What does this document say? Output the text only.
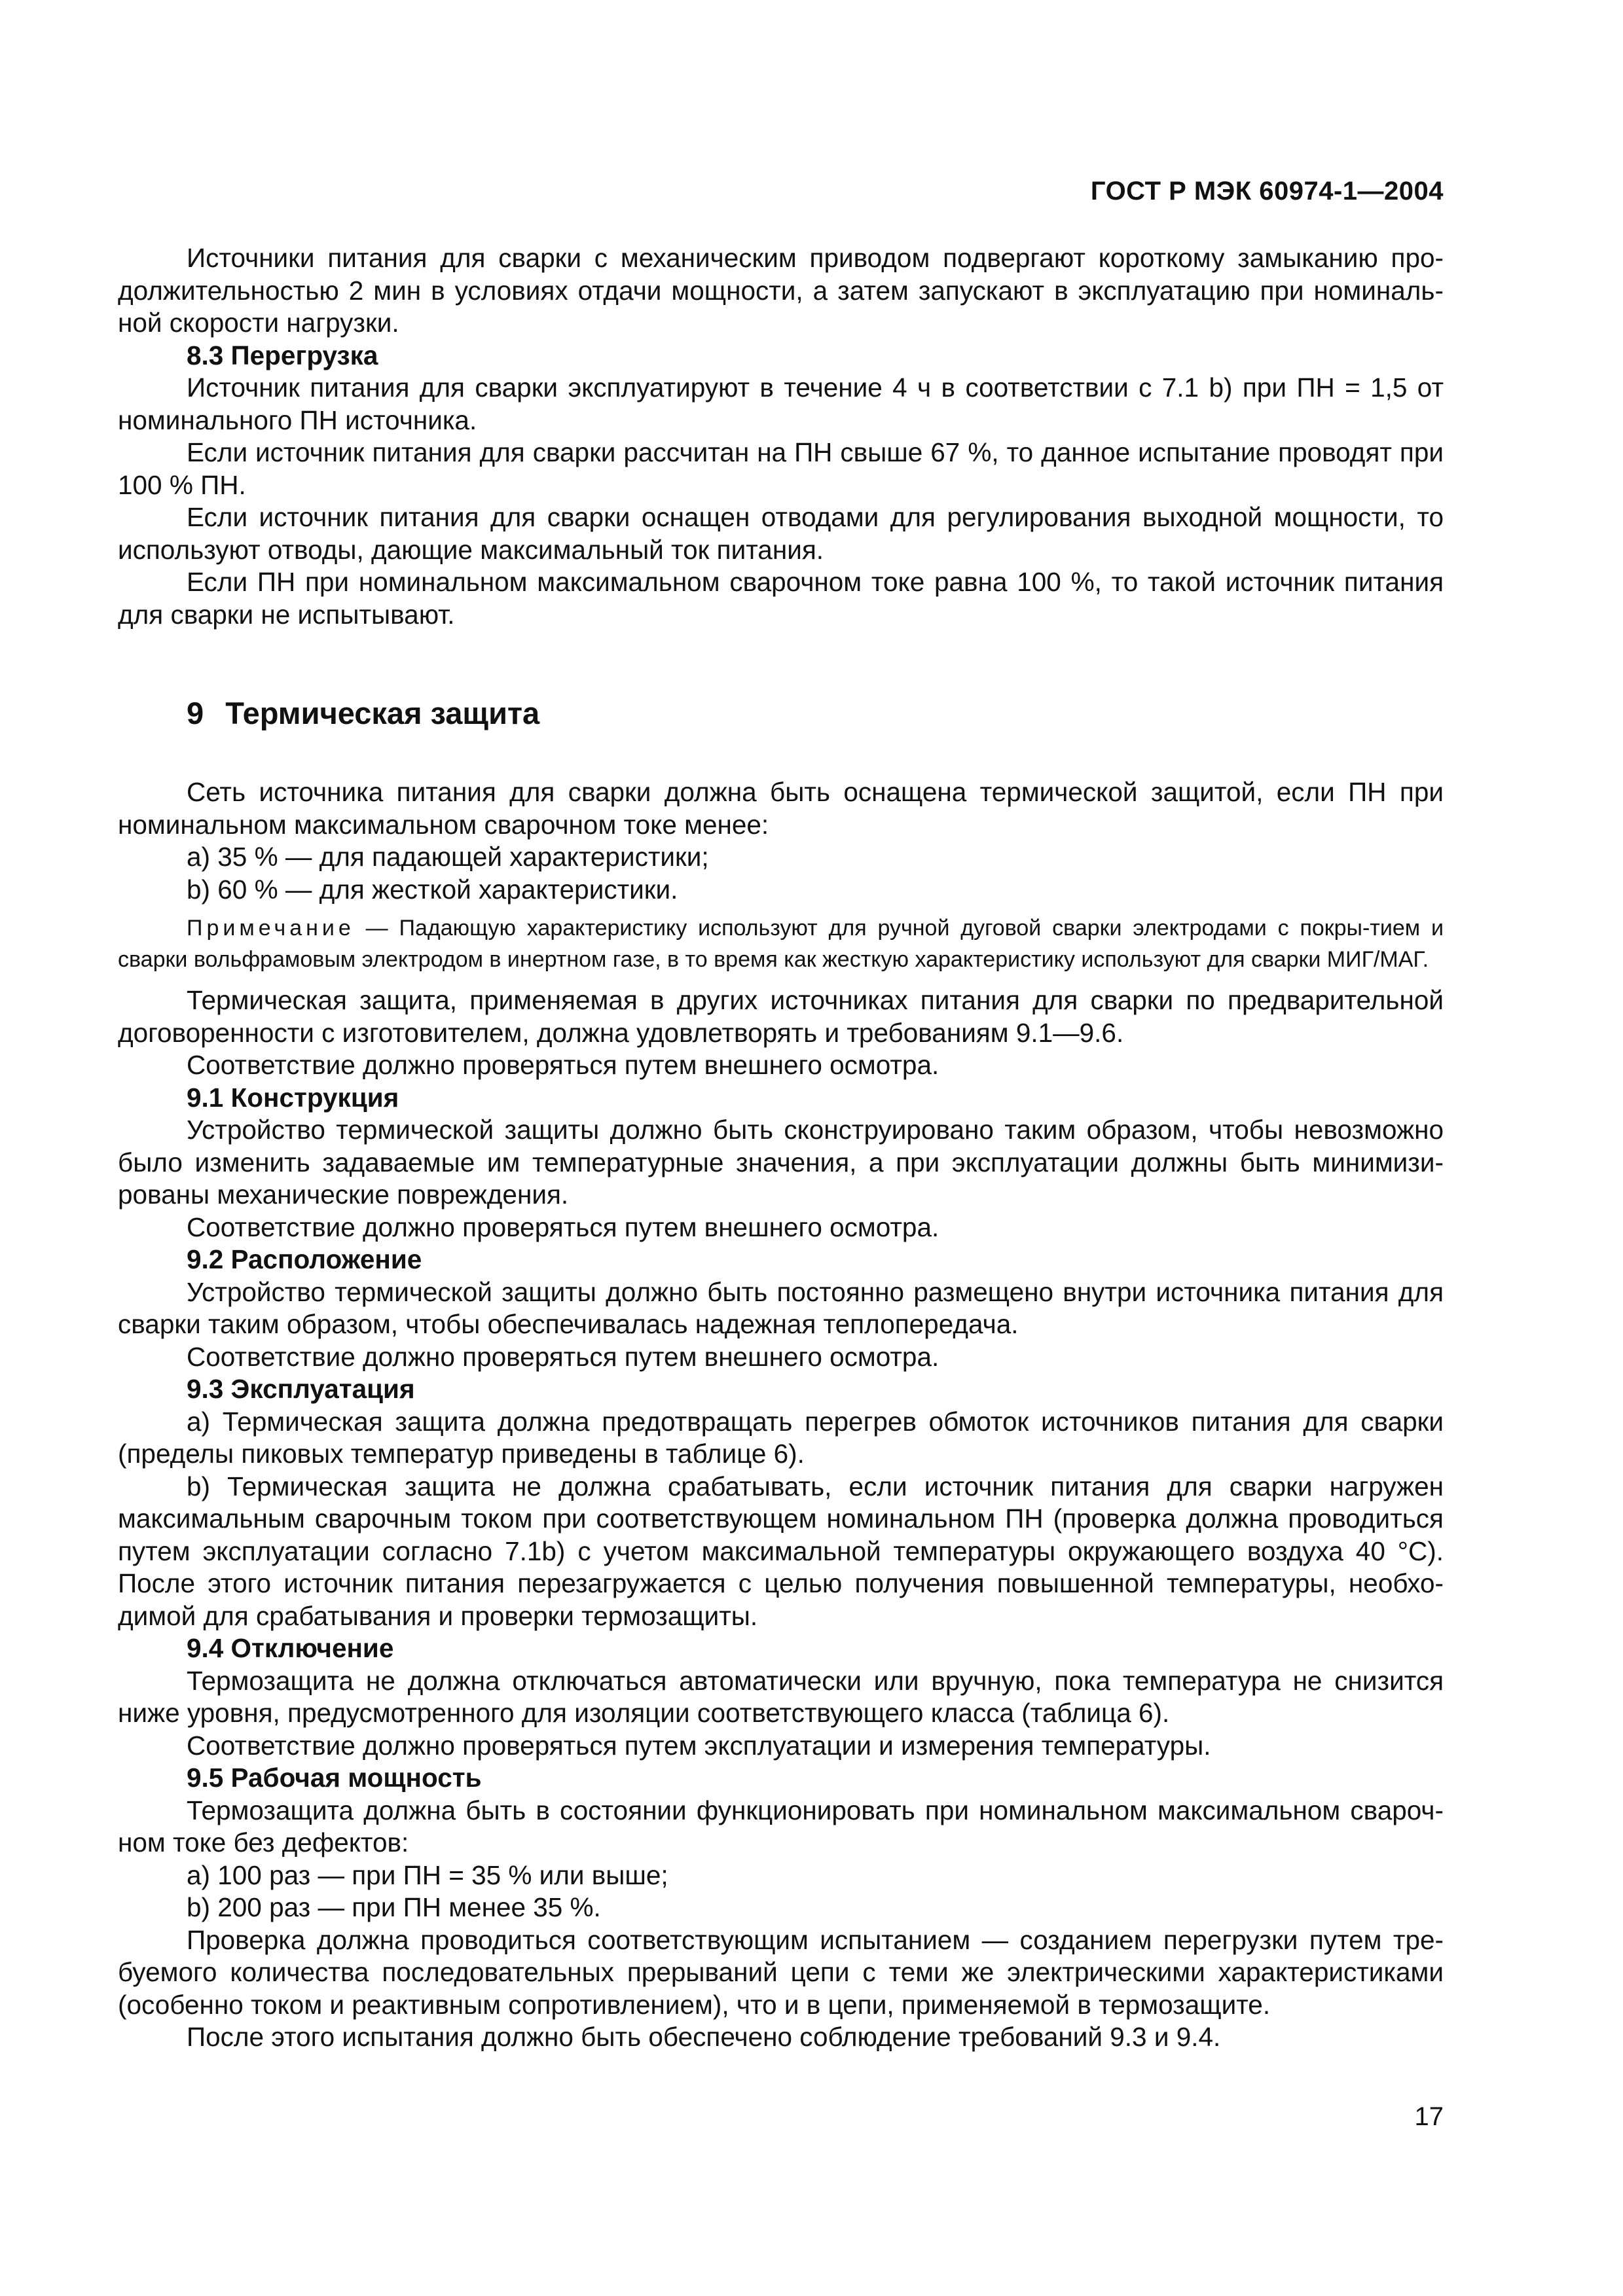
ГОСТ Р МЭК 60974-1—2004

Источники питания для сварки с механическим приводом подвергают короткому замыканию про-должительностью 2 мин в условиях отдачи мощности, а затем запускают в эксплуатацию при номиналь-ной скорости нагрузки.

8.3 Перегрузка

Источник питания для сварки эксплуатируют в течение 4 ч в соответствии с 7.1 b) при ПН = 1,5 от номинального ПН источника.

Если источник питания для сварки рассчитан на ПН свыше 67 %, то данное испытание проводят при 100 % ПН.

Если источник питания для сварки оснащен отводами для регулирования выходной мощности, то используют отводы, дающие максимальный ток питания.

Если ПН при номинальном максимальном сварочном токе равна 100 %, то такой источник питания для сварки не испытывают.

9 Термическая защита

Сеть источника питания для сварки должна быть оснащена термической защитой, если ПН при номинальном максимальном сварочном токе менее:

a) 35 % — для падающей характеристики;

b) 60 % — для жесткой характеристики.

Примечание — Падающую характеристику используют для ручной дуговой сварки электродами с покры-тием и сварки вольфрамовым электродом в инертном газе, в то время как жесткую характеристику используют для сварки МИГ/МАГ.

Термическая защита, применяемая в других источниках питания для сварки по предварительной договоренности с изготовителем, должна удовлетворять и требованиям 9.1—9.6.

Соответствие должно проверяться путем внешнего осмотра.

9.1 Конструкция

Устройство термической защиты должно быть сконструировано таким образом, чтобы невозможно было изменить задаваемые им температурные значения, а при эксплуатации должны быть минимизи-рованы механические повреждения.

Соответствие должно проверяться путем внешнего осмотра.

9.2 Расположение

Устройство термической защиты должно быть постоянно размещено внутри источника питания для сварки таким образом, чтобы обеспечивалась надежная теплопередача.

Соответствие должно проверяться путем внешнего осмотра.

9.3 Эксплуатация

a) Термическая защита должна предотвращать перегрев обмоток источников питания для сварки (пределы пиковых температур приведены в таблице 6).

b) Термическая защита не должна срабатывать, если источник питания для сварки нагружен максимальным сварочным током при соответствующем номинальном ПН (проверка должна проводиться путем эксплуатации согласно 7.1b) с учетом максимальной температуры окружающего воздуха 40 °С). После этого источник питания перезагружается с целью получения повышенной температуры, необхо-димой для срабатывания и проверки термозащиты.

9.4 Отключение

Термозащита не должна отключаться автоматически или вручную, пока температура не снизится ниже уровня, предусмотренного для изоляции соответствующего класса (таблица 6).

Соответствие должно проверяться путем эксплуатации и измерения температуры.

9.5 Рабочая мощность

Термозащита должна быть в состоянии функционировать при номинальном максимальном свароч-ном токе без дефектов:

a) 100 раз — при ПН = 35 % или выше;

b) 200 раз — при ПН менее 35 %.

Проверка должна проводиться соответствующим испытанием — созданием перегрузки путем тре-буемого количества последовательных прерываний цепи с теми же электрическими характеристиками (особенно током и реактивным сопротивлением), что и в цепи, применяемой в термозащите.

После этого испытания должно быть обеспечено соблюдение требований 9.3 и 9.4.

17
